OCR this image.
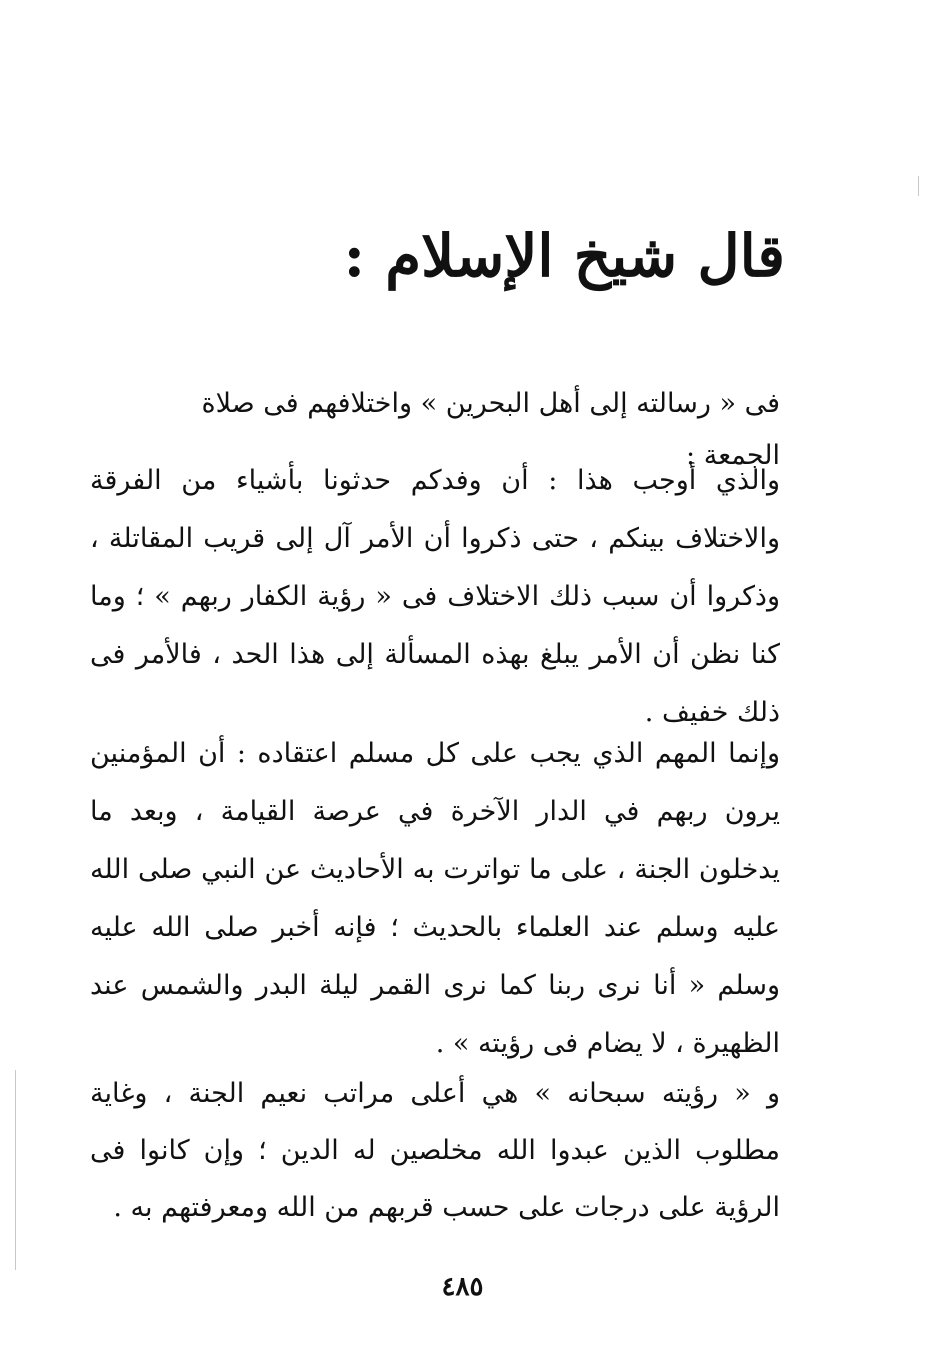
قال شيخ الإسلام :

فى « رسالته إلى أهل البحرين » واختلافهم فى صلاة الجمعة :

والذي أوجب هذا : أن وفدكم حدثونا بأشياء من الفرقة والاختلاف بينكم ، حتى ذكروا أن الأمر آل إلى قريب المقاتلة ، وذكروا أن سبب ذلك الاختلاف فى « رؤية الكفار ربهم » ؛ وما كنا نظن أن الأمر يبلغ بهذه المسألة إلى هذا الحد ، فالأمر فى ذلك خفيف .

وإنما المهم الذي يجب على كل مسلم اعتقاده : أن المؤمنين يرون ربهم في الدار الآخرة في عرصة القيامة ، وبعد ما يدخلون الجنة ، على ما تواترت به الأحاديث عن النبي صلى الله عليه وسلم عند العلماء بالحديث ؛ فإنه أخبر صلى الله عليه وسلم « أنا نرى ربنا كما نرى القمر ليلة البدر والشمس عند الظهيرة ، لا يضام فى رؤيته » .

و « رؤيته سبحانه » هي أعلى مراتب نعيم الجنة ، وغاية مطلوب الذين عبدوا الله مخلصين له الدين ؛ وإن كانوا فى الرؤية على درجات على حسب قربهم من الله ومعرفتهم به .

٤٨٥
